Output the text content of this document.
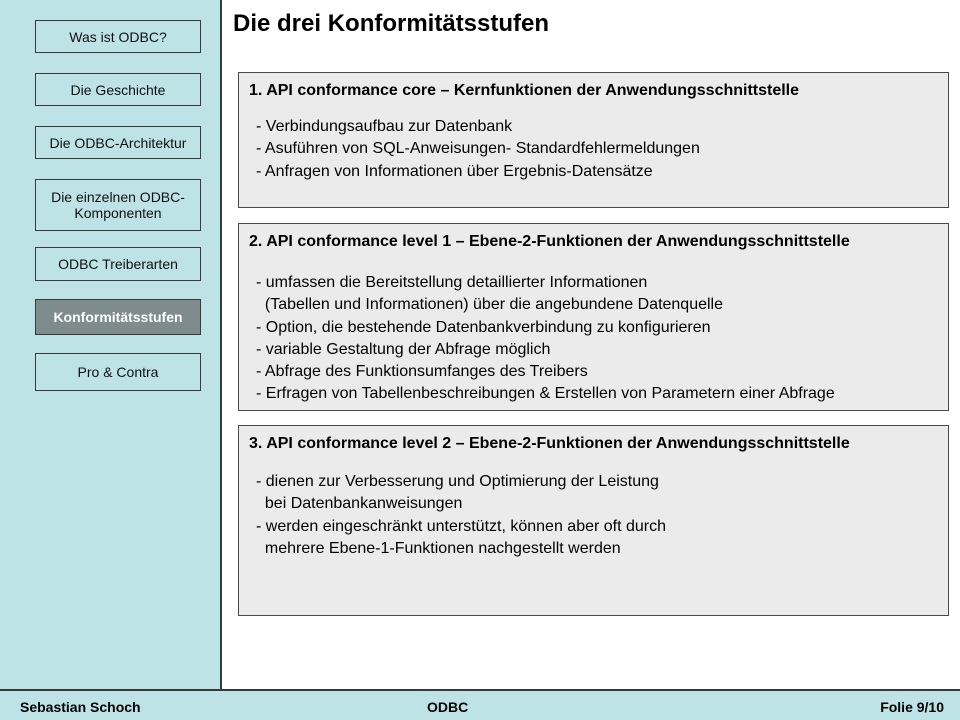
Was ist ODBC?
Die Geschichte
Die ODBC-Architektur
Die einzelnen ODBC-
Komponenten
ODBC Treiberarten
Konformitätsstufen
Pro & Contra
Die drei Konformitätsstufen
1. API conformance core – Kernfunktionen der Anwendungsschnittstelle
- Verbindungsaufbau zur Datenbank
- Asuführen von SQL-Anweisungen- Standardfehlermeldungen
- Anfragen von Informationen über Ergebnis-Datensätze
2. API conformance level 1 – Ebene-2-Funktionen der Anwendungsschnittstelle
- umfassen die Bereitstellung detaillierter Informationen
(Tabellen und Informationen) über die angebundene Datenquelle
- Option, die bestehende Datenbankverbindung zu konfigurieren
- variable Gestaltung der Abfrage möglich
- Abfrage des Funktionsumfanges des Treibers
- Erfragen von Tabellenbeschreibungen & Erstellen von Parametern einer Abfrage
3. API conformance level 2 – Ebene-2-Funktionen der Anwendungsschnittstelle
- dienen zur Verbesserung und Optimierung der Leistung
bei Datenbankanweisungen
- werden eingeschränkt unterstützt, können aber oft durch
mehrere Ebene-1-Funktionen nachgestellt werden
Sebastian Schoch	ODBC	Folie 9/10
